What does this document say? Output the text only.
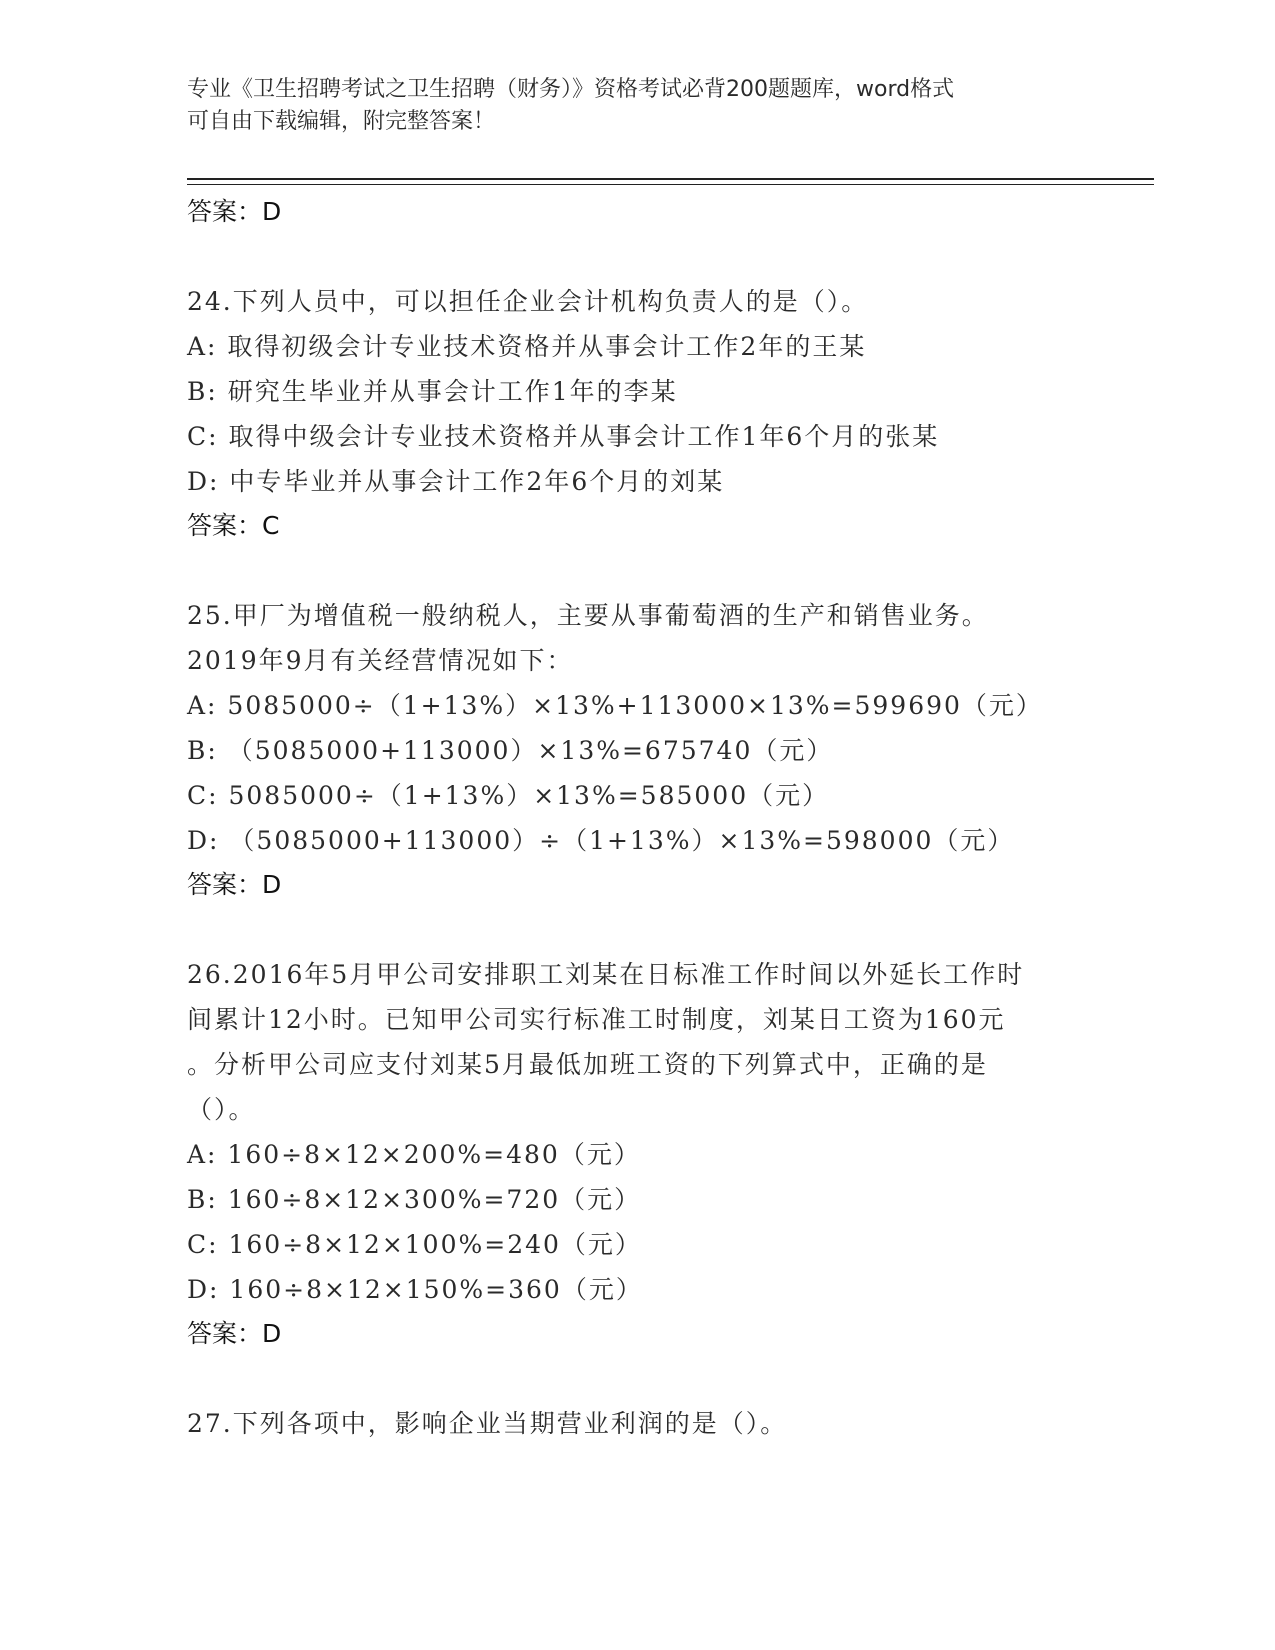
专业《卫生招聘考试之卫生招聘（财务）》资格考试必背200题题库，word格式
可自由下载编辑，附完整答案！
答案：D
24.下列人员中，可以担任企业会计机构负责人的是（）。
A: 取得初级会计专业技术资格并从事会计工作2年的王某
B: 研究生毕业并从事会计工作1年的李某
C: 取得中级会计专业技术资格并从事会计工作1年6个月的张某
D: 中专毕业并从事会计工作2年6个月的刘某
答案：C
25.甲厂为增值税一般纳税人，主要从事葡萄酒的生产和销售业务。
2019年9月有关经营情况如下：
A: 5085000÷（1+13%）×13%+113000×13%=599690（元）
B: （5085000+113000）×13%=675740（元）
C: 5085000÷（1+13%）×13%=585000（元）
D: （5085000+113000）÷（1+13%）×13%=598000（元）
答案：D
26.2016年5月甲公司安排职工刘某在日标准工作时间以外延长工作时
间累计12小时。已知甲公司实行标准工时制度，刘某日工资为160元
。分析甲公司应支付刘某5月最低加班工资的下列算式中，正确的是
（）。
A: 160÷8×12×200%=480（元）
B: 160÷8×12×300%=720（元）
C: 160÷8×12×100%=240（元）
D: 160÷8×12×150%=360（元）
答案：D
27.下列各项中，影响企业当期营业利润的是（）。
